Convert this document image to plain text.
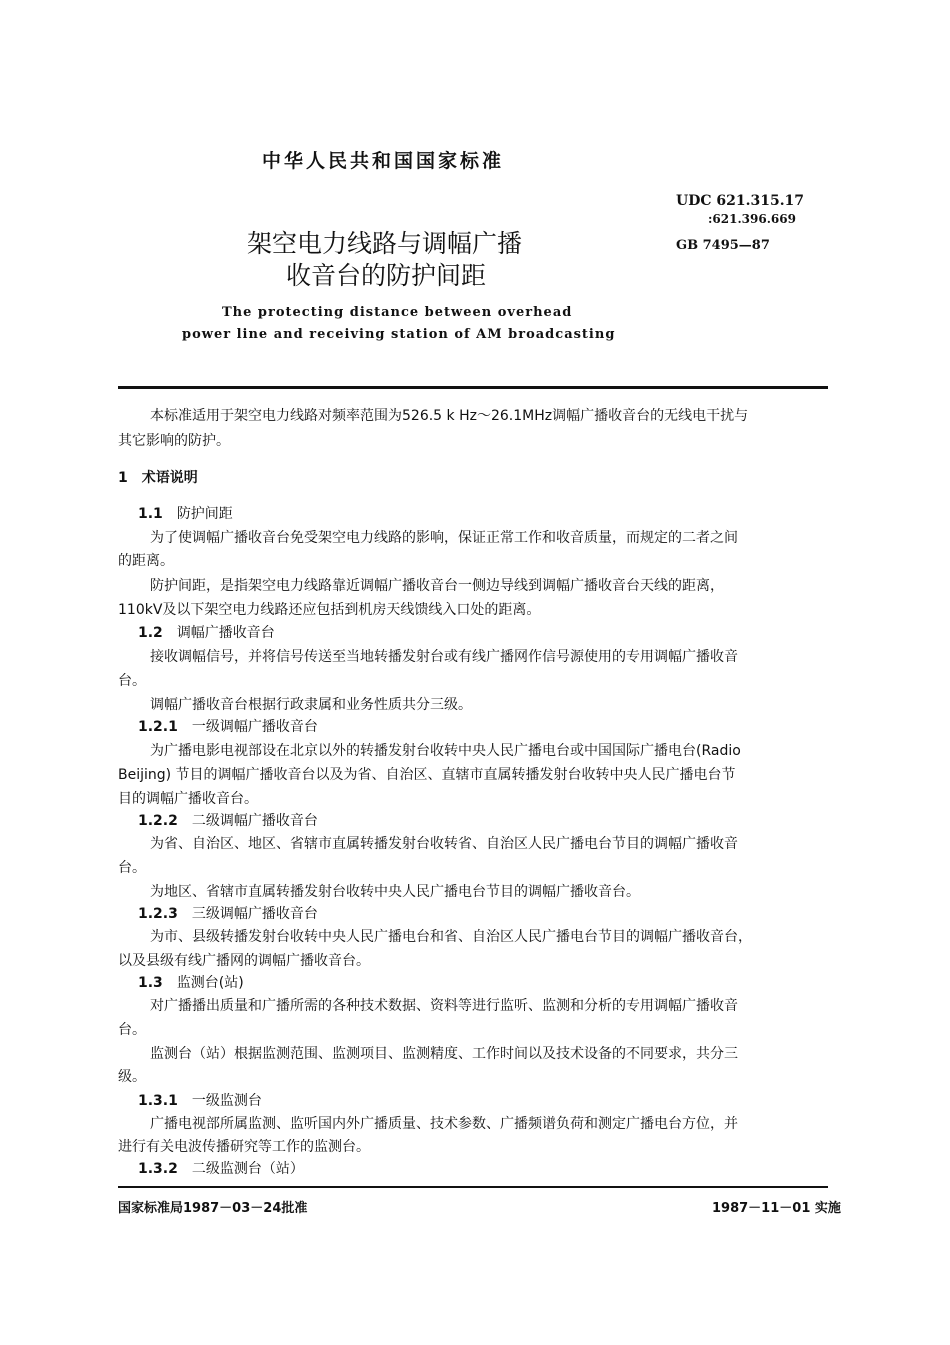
中华人民共和国国家标准
架空电力线路与调幅广播
收音台的防护间距
UDC 621.315.17
:621.396.669
GB 7495—87
The protecting distance between overhead
power line and receiving station of AM broadcasting
本标准适用于架空电力线路对频率范围为526.5 k Hz～26.1MHz调幅广播收音台的无线电干扰与
其它影响的防护。
1 术语说明
1.1 防护间距
为了使调幅广播收音台免受架空电力线路的影响，保证正常工作和收音质量，而规定的二者之间
的距离。
防护间距，是指架空电力线路靠近调幅广播收音台一侧边导线到调幅广播收音台天线的距离，
110kV及以下架空电力线路还应包括到机房天线馈线入口处的距离。
1.2 调幅广播收音台
接收调幅信号，并将信号传送至当地转播发射台或有线广播网作信号源使用的专用调幅广播收音
台。
调幅广播收音台根据行政隶属和业务性质共分三级。
1.2.1 一级调幅广播收音台
为广播电影电视部设在北京以外的转播发射台收转中央人民广播电台或中国国际广播电台(Radio
Beijing) 节目的调幅广播收音台以及为省、自治区、直辖市直属转播发射台收转中央人民广播电台节
目的调幅广播收音台。
1.2.2 二级调幅广播收音台
为省、自治区、地区、省辖市直属转播发射台收转省、自治区人民广播电台节目的调幅广播收音
台。
为地区、省辖市直属转播发射台收转中央人民广播电台节目的调幅广播收音台。
1.2.3 三级调幅广播收音台
为市、县级转播发射台收转中央人民广播电台和省、自治区人民广播电台节目的调幅广播收音台，
以及县级有线广播网的调幅广播收音台。
1.3 监测台(站)
对广播播出质量和广播所需的各种技术数据、资料等进行监听、监测和分析的专用调幅广播收音
台。
监测台（站）根据监测范围、监测项目、监测精度、工作时间以及技术设备的不同要求，共分三
级。
1.3.1 一级监测台
广播电视部所属监测、监听国内外广播质量、技术参数、广播频谱负荷和测定广播电台方位，并
进行有关电波传播研究等工作的监测台。
1.3.2 二级监测台（站）
国家标准局1987－03－24批准	1987－11－01 实施
